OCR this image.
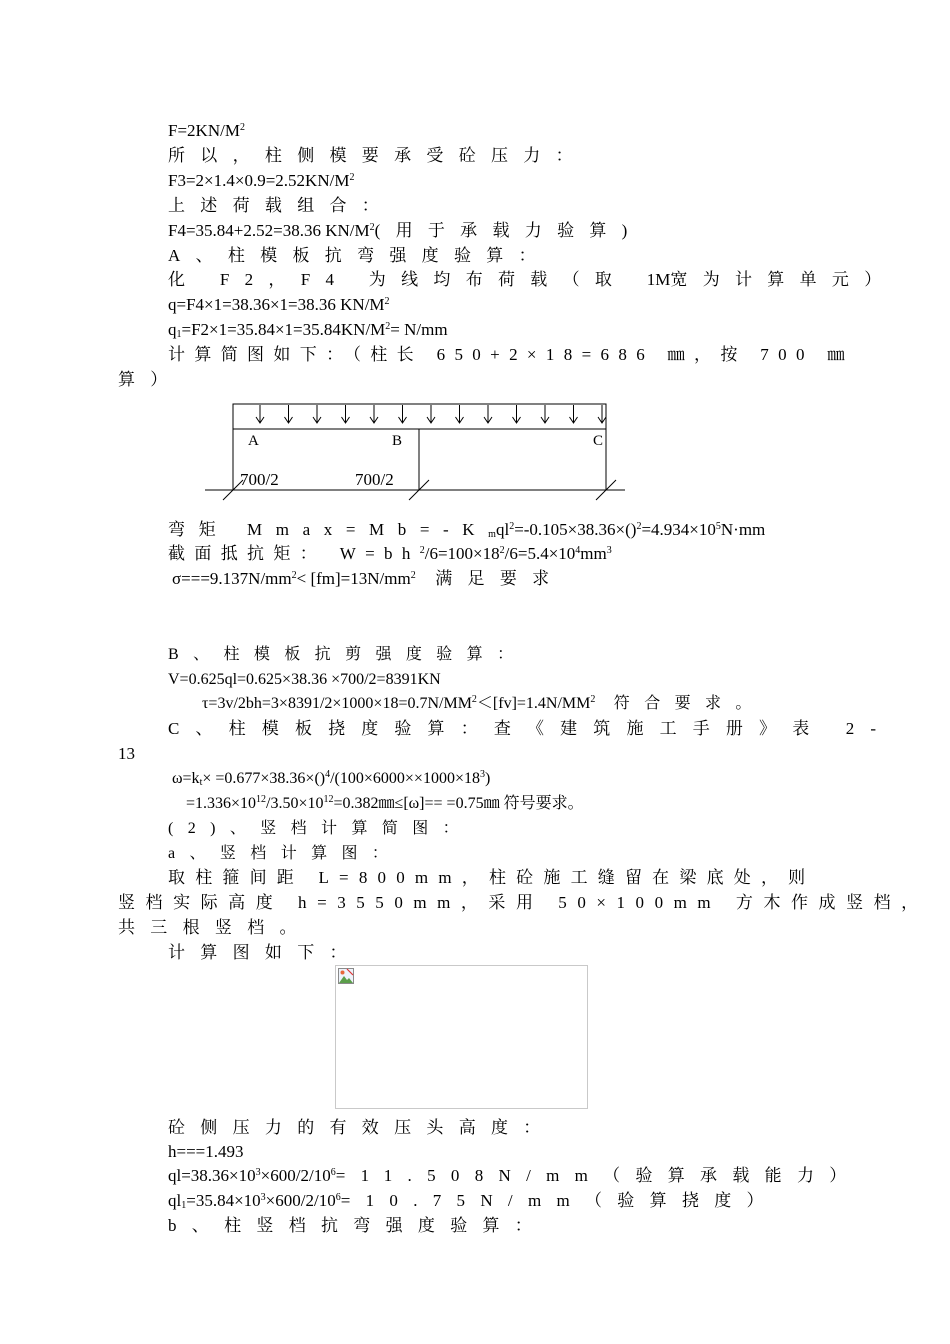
$F=2KN/M^2$
所以，柱侧模要承受砼压力：
$F3=2\times 1.4\times 0.9=2.52KN/M^2$
上述荷载组合：
F4=35.84+2.52=38.36 $KN/M^2$(用于承载力验算)
A、柱模板抗弯强度验算：
化 F2，F4 为线均布荷载（取 1M宽为计算单元）
q=F4×1=38.36×1=38.36 $KN/M^2$
$q_1=F2\times 1=35.84\times 1=35.84KN/M^2= N/mm$
计算简图如下：（柱长 650+2×18=686 ㎜，按 700 ㎜
算）
A	B	C
700/2	700/2
弯矩 $Mmax=Mb=-K_mql^2=-0.105\times 38.36\times()^2=4.934\times 10^5N\cdot mm$
截面抵抗矩： $W=bh^2/6=100\times 18^2/6=5.4\times 10^4mm^3$
$\sigma===9.137N/mm^2< [fm]=13N/mm^2$ 满足要求
B、柱模板抗剪强度验算：
V=0.625ql=0.625×38.36 ×700/2=8391KN
$\tau=3v/2bh=3\times 8391/2\times 1000\times 18=0.7N/MM^2<[fv]=1.4N/MM^2$ 符合要求。
C、柱模板挠度验算：查《建筑施工手册》表 2-
13
$\omega=k_t\times =0.677\times 38.36\times()^4/(100\times 6000\times\times 1000\times 18^3)$
$=1.336\times 10^{12}/3.50\times 10^{12}=0.382㎜\le[\omega]==$ =0.75㎜ 符号要求。
(2)、竖档计算简图：
a、竖档计算图：
取柱箍间距 L=800mm，柱砼施工缝留在梁底处，则
竖档实际高度 h=3550mm，采用 50×100mm 方木作成竖档，
共三根竖档。
计算图如下：
砼侧压力的有效压头高度：
h===1.493
$ql=38.36\times 10^3\times 600/2/10^6=11.508N/mm$（验算承载能力）
$ql_1=35.84\times 10^3\times 600/2/10^6=10.75N/mm$（验算挠度）
b、柱竖档抗弯强度验算：
